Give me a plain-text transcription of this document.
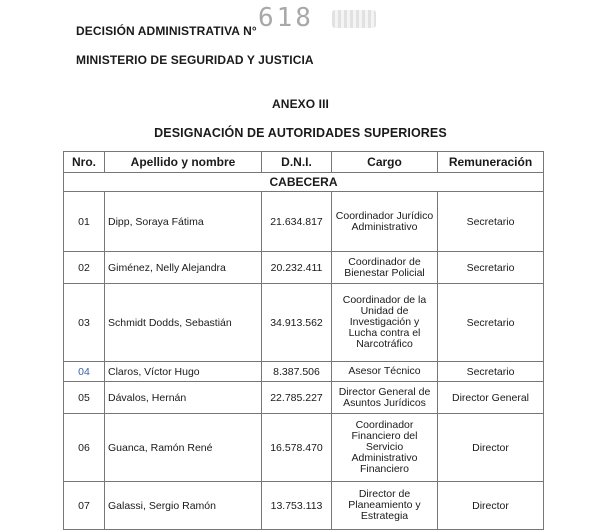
DECISIÓN ADMINISTRATIVA N° 618
MINISTERIO DE SEGURIDAD Y JUSTICIA
ANEXO III
DESIGNACIÓN DE AUTORIDADES SUPERIORES
Nro.	Apellido y nombre	D.N.I.	Cargo	Remuneración
CABECERA				
01	Dipp, Soraya Fátima	21.634.817	Coordinador Jurídico Administrativo	Secretario
02	Giménez, Nelly Alejandra	20.232.411	Coordinador de Bienestar Policial	Secretario
03	Schmidt Dodds, Sebastián	34.913.562	Coordinador de la Unidad de Investigación y Lucha contra el Narcotráfico	Secretario
04	Claros, Víctor Hugo	8.387.506	Asesor Técnico	Secretario
05	Dávalos, Hernán	22.785.227	Director General de Asuntos Jurídicos	Director General
06	Guanca, Ramón René	16.578.470	Coordinador Financiero del Servicio Administrativo Financiero	Director
07	Galassi, Sergio Ramón	13.753.113	Director de Planeamiento y Estrategia	Director
